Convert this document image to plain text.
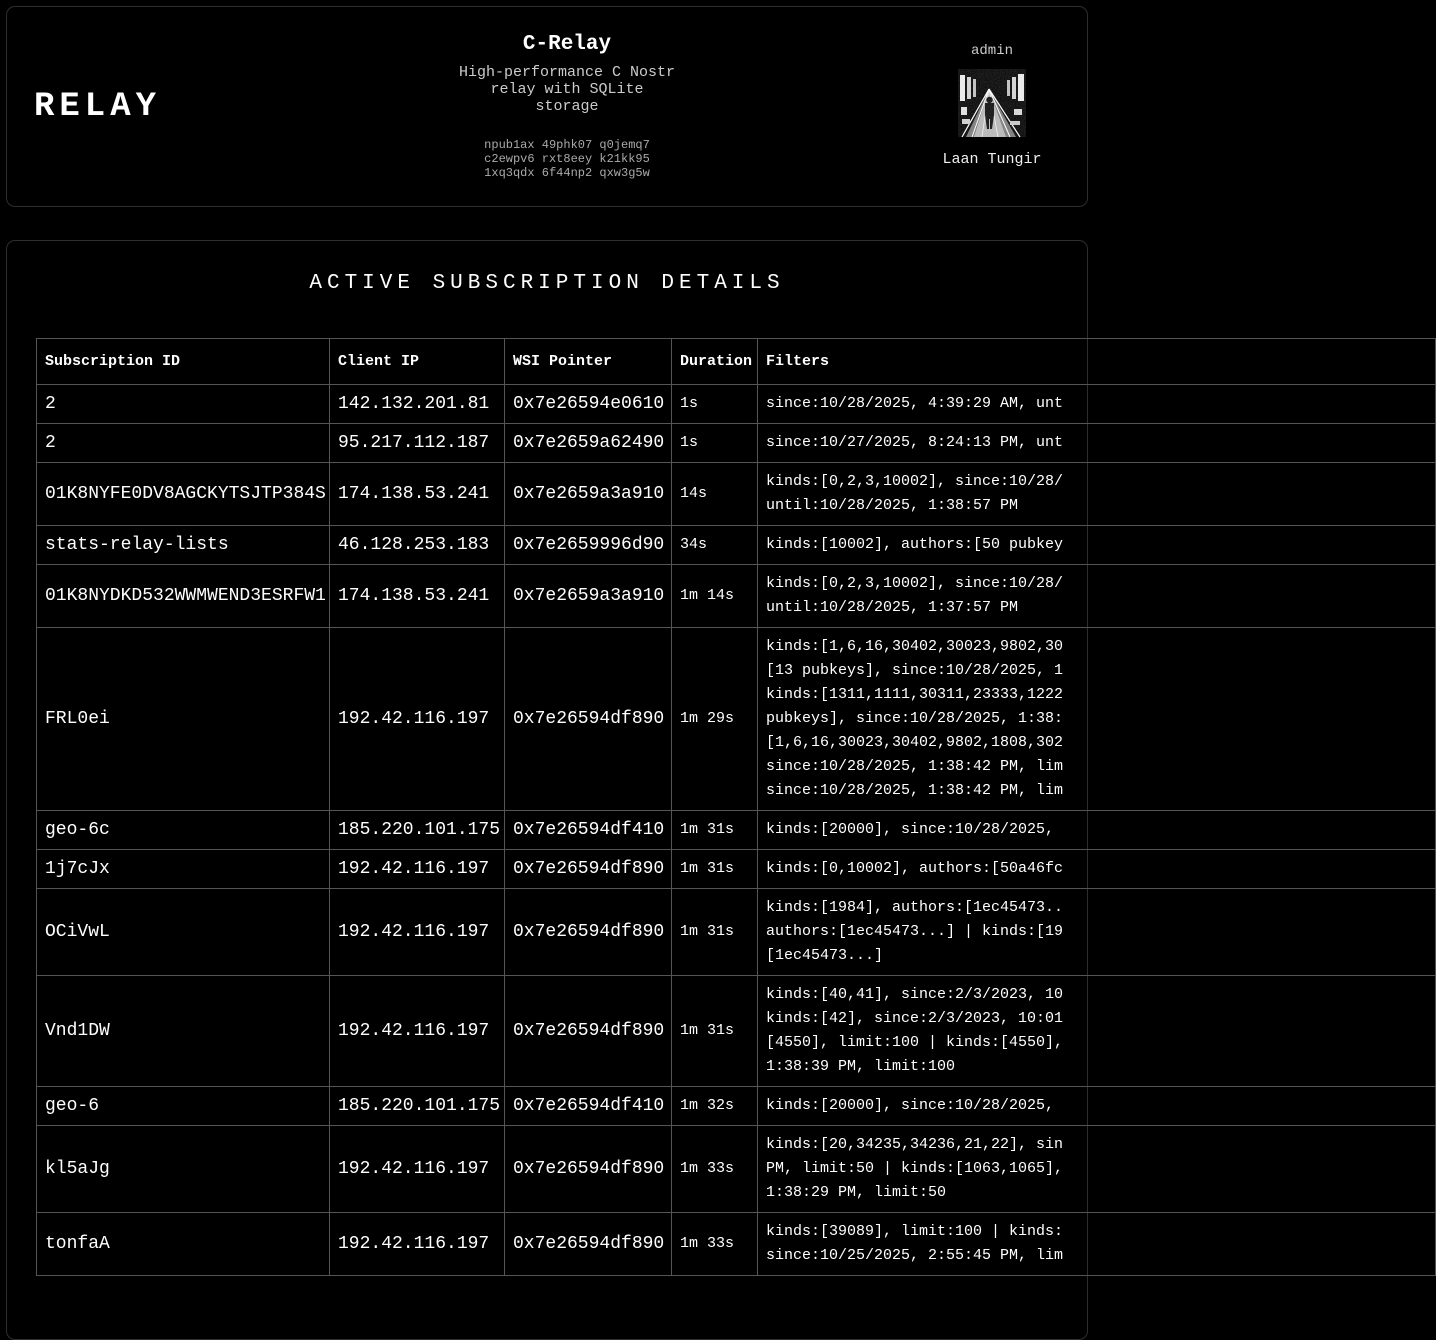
RELAY
C-Relay
High-performance C Nostr relay with SQLite storage
npub1ax 49phk07 q0jemq7
c2ewpv6 rxt8eey k21kk95
1xq3qdx 6f44np2 qxw3g5w
admin
Laan Tungir
ACTIVE SUBSCRIPTION DETAILS
Subscription ID	Client IP	WSI Pointer	Duration	Filters
2	142.132.201.81	0x7e26594e0610	1s	since:10/28/2025, 4:39:29 AM, unt

2	95.217.112.187	0x7e2659a62490	1s	since:10/27/2025, 8:24:13 PM, unt

01K8NYFE0DV8AGCKYTSJTP384S	174.138.53.241	0x7e2659a3a910	14s	kinds:[0,2,3,10002], since:10/28/
until:10/28/2025, 1:38:57 PM

stats-relay-lists	46.128.253.183	0x7e2659996d90	34s	kinds:[10002], authors:[50 pubkey

01K8NYDKD532WWMWEND3ESRFW1	174.138.53.241	0x7e2659a3a910	1m 14s	kinds:[0,2,3,10002], since:10/28/
until:10/28/2025, 1:37:57 PM

FRL0ei	192.42.116.197	0x7e26594df890	1m 29s	
kinds:[1,6,16,30402,30023,9802,30
[13 pubkeys], since:10/28/2025, 1
kinds:[1311,1111,30311,23333,1222
pubkeys], since:10/28/2025, 1:38:
[1,6,16,30023,30402,9802,1808,302
since:10/28/2025, 1:38:42 PM, lim
since:10/28/2025, 1:38:42 PM, lim

geo-6c	185.220.101.175	0x7e26594df410	1m 31s	kinds:[20000], since:10/28/2025,

1j7cJx	192.42.116.197	0x7e26594df890	1m 31s	kinds:[0,10002], authors:[50a46fc

OCiVwL	192.42.116.197	0x7e26594df890	1m 31s	kinds:[1984], authors:[1ec45473..
authors:[1ec45473...] | kinds:[19
[1ec45473...]

Vnd1DW	192.42.116.197	0x7e26594df890	1m 31s	kinds:[40,41], since:2/3/2023, 10
kinds:[42], since:2/3/2023, 10:01
[4550], limit:100 | kinds:[4550],
1:38:39 PM, limit:100

geo-6	185.220.101.175	0x7e26594df410	1m 32s	kinds:[20000], since:10/28/2025,

kl5aJg	192.42.116.197	0x7e26594df890	1m 33s	kinds:[20,34235,34236,21,22], sin
PM, limit:50 | kinds:[1063,1065],
1:38:29 PM, limit:50

tonfaA	192.42.116.197	0x7e26594df890	1m 33s	kinds:[39089], limit:100 | kinds:
since:10/25/2025, 2:55:45 PM, lim
